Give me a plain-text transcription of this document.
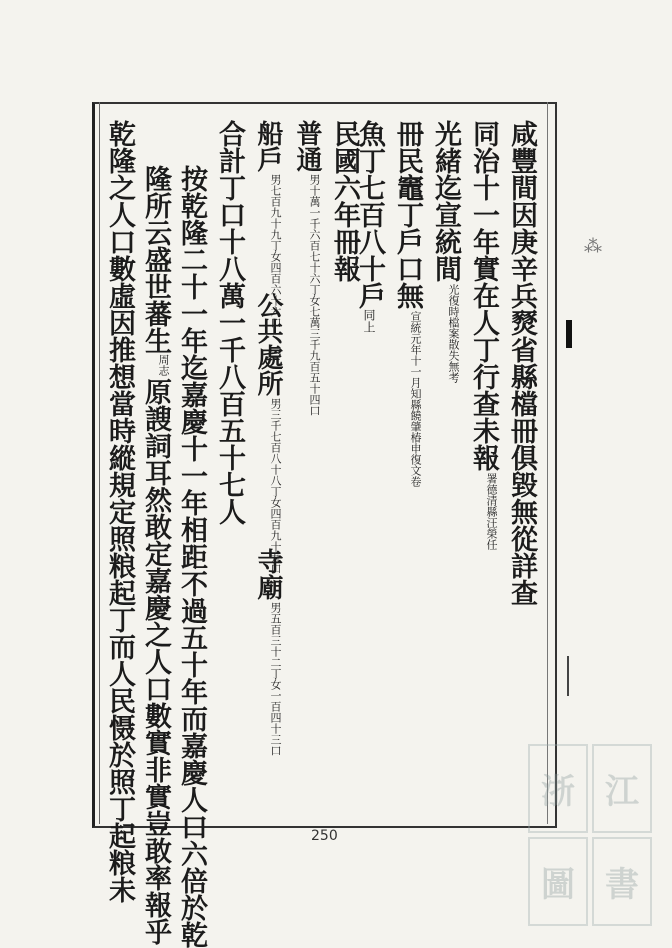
⁂
咸豐間因庚辛兵燹省縣檔冊俱毀無從詳查
同治十一年實在人丁行查未報署德清縣汪榮任
光緒迄宣統間光復時檔案散失無考
冊民竈丁戶口無宣統元年十一月知縣饒肇椿申復文卷
魚丁七百八十戶同上
民國六年冊報
普通男十萬一千六百七十六丁女七萬三千九百五十四口
船戶男七百九十九丁女四百六十六口公共處所男三千七百八十八丁女四百九十九口寺廟男五百三十二丁女一百四十三口
合計丁口十八萬一千八百五十七人
按乾隆二十一年迄嘉慶十一年相距不過五十年而嘉慶人口六倍於乾
隆所云盛世蕃生周志原謏詞耳然敢定嘉慶之人口數實非實豈敢率報乎
乾隆之人口數虛因推想當時縱規定照粮起丁而人民慑於照丁起粮未	250
浙 江
圖 書
